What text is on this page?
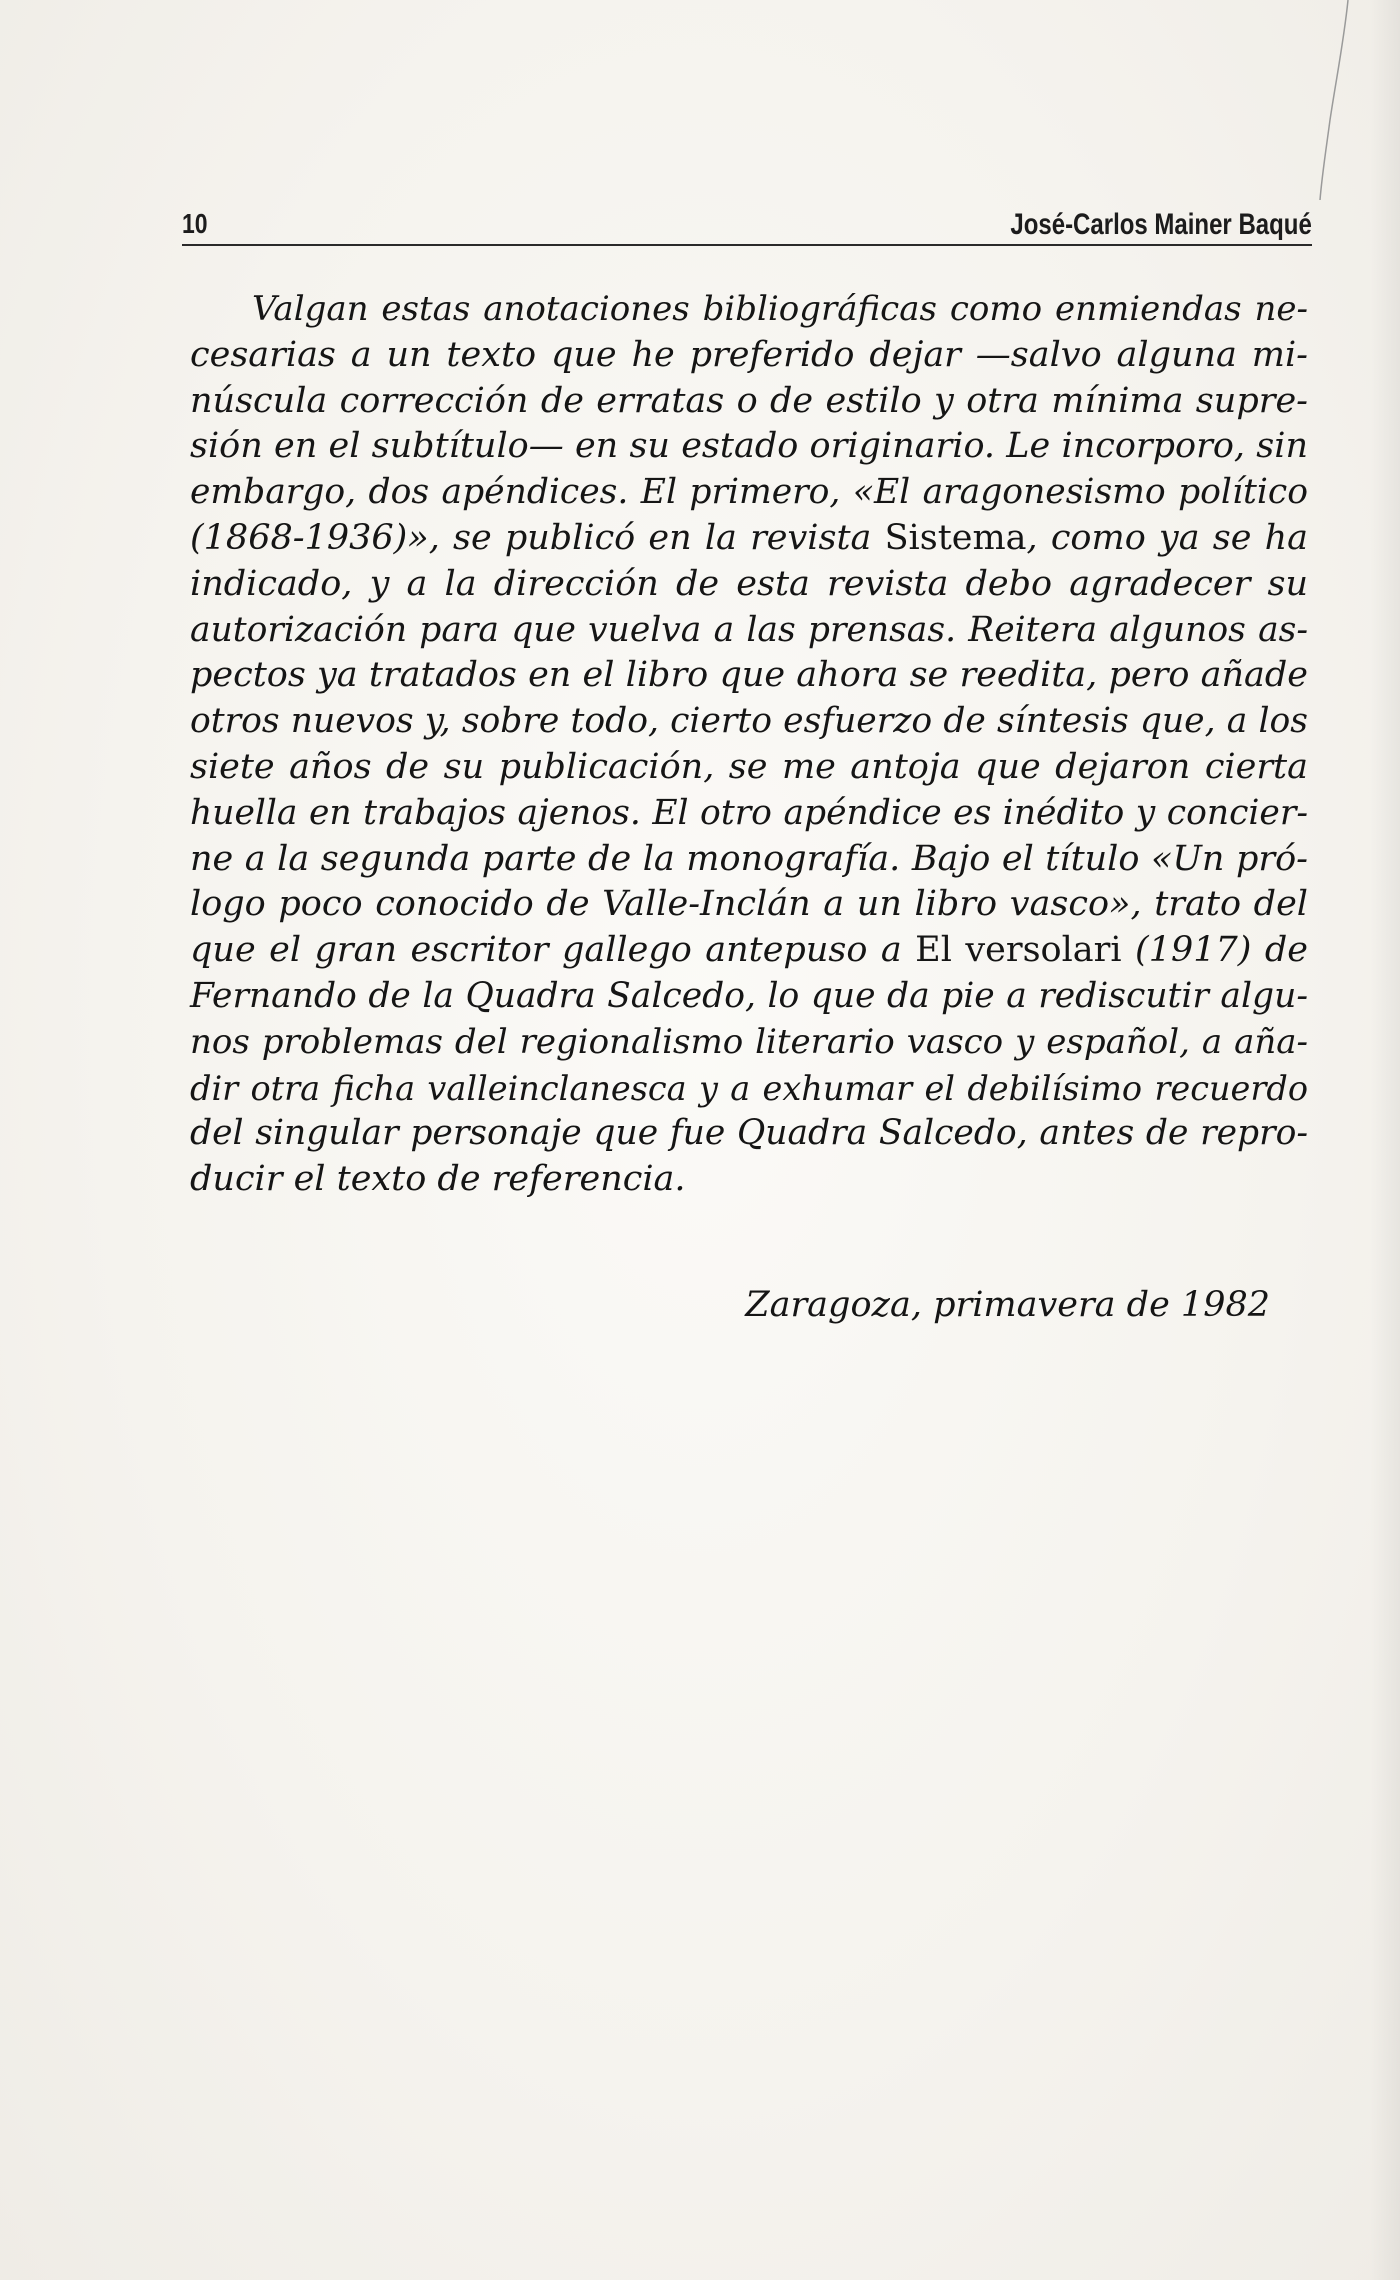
10	José-Carlos Mainer Baqué
Valgan estas anotaciones bibliográficas como enmiendas ne-
cesarias a un texto que he preferido dejar —salvo alguna mi-
núscula corrección de erratas o de estilo y otra mínima supre-
sión en el subtítulo— en su estado originario. Le incorporo, sin
embargo, dos apéndices. El primero, «El aragonesismo político
(1868-1936)», se publicó en la revista Sistema, como ya se ha
indicado, y a la dirección de esta revista debo agradecer su
autorización para que vuelva a las prensas. Reitera algunos as-
pectos ya tratados en el libro que ahora se reedita, pero añade
otros nuevos y, sobre todo, cierto esfuerzo de síntesis que, a los
siete años de su publicación, se me antoja que dejaron cierta
huella en trabajos ajenos. El otro apéndice es inédito y concier-
ne a la segunda parte de la monografía. Bajo el título «Un pró-
logo poco conocido de Valle-Inclán a un libro vasco», trato del
que el gran escritor gallego antepuso a El versolari (1917) de
Fernando de la Quadra Salcedo, lo que da pie a rediscutir algu-
nos problemas del regionalismo literario vasco y español, a aña-
dir otra ficha valleinclanesca y a exhumar el debilísimo recuerdo
del singular personaje que fue Quadra Salcedo, antes de repro-
ducir el texto de referencia.
Zaragoza, primavera de 1982
